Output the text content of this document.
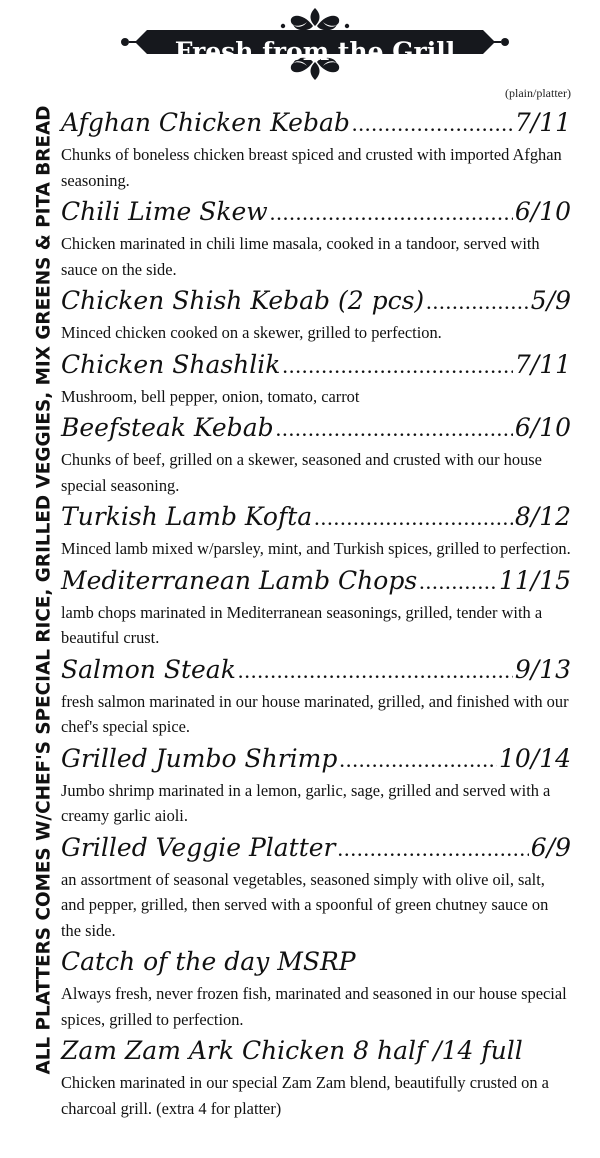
Fresh from the Grill
ALL PLATTERS COMES W/CHEF'S SPECIAL RICE, GRILLED VEGGIES, MIX GREENS & PITA BREAD
(plain/platter)
Afghan Chicken Kebab .....	7/11
Chunks of boneless chicken breast spiced and crusted with imported Afghan seasoning.
Chili Lime Skew .....	6/10
Chicken marinated in chili lime masala, cooked in a tandoor, served with sauce on the side.
Chicken Shish Kebab (2 pcs) .....	5/9
Minced chicken cooked on a skewer, grilled to perfection.
Chicken Shashlik .....	7/11
Mushroom, bell pepper, onion, tomato, carrot
Beefsteak Kebab .....	6/10
Chunks of beef, grilled on a skewer, seasoned and crusted with our house special seasoning.
Turkish Lamb Kofta .....	8/12
Minced lamb mixed w/parsley, mint, and Turkish spices, grilled to perfection.
Mediterranean Lamb Chops .....	11/15
lamb chops marinated in Mediterranean seasonings, grilled, tender with a beautiful crust.
Salmon Steak .....	9/13
fresh salmon marinated in our house marinated, grilled, and finished with our chef's special spice.
Grilled Jumbo Shrimp .....	10/14
Jumbo shrimp marinated in a lemon, garlic, sage, grilled and served with a creamy garlic aioli.
Grilled Veggie Platter .....	6/9
an assortment of seasonal vegetables, seasoned simply with olive oil, salt, and pepper, grilled, then served with a spoonful of green chutney sauce on the side.
Catch of the day MSRP
Always fresh, never frozen fish, marinated and seasoned in our house special spices, grilled to perfection.
Zam Zam Ark Chicken 8 half /14 full
Chicken marinated in our special Zam Zam blend, beautifully crusted on a charcoal grill. (extra 4 for platter)
